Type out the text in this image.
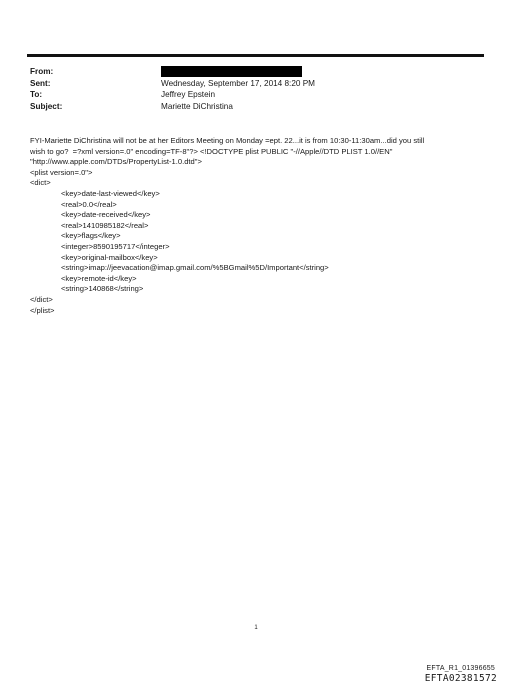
From:
Sent:	Wednesday, September 17, 2014 8:20 PM
To:	Jeffrey Epstein
Subject:	Mariette DiChristina

FYI-Mariette DiChristina will not be at her Editors Meeting on Monday =ept. 22...it is from 10:30-11:30am...did you still

wish to go?  =?xml version=.0" encoding=TF-8"?> <!DOCTYPE plist PUBLIC "-//Apple//DTD PLIST 1.0//EN"

"http://www.apple.com/DTDs/PropertyList-1.0.dtd">

<plist version=.0">

<dict>

<key>date-last-viewed</key>

<real>0.0</real>

<key>date-received</key>

<real>1410985182</real>

<key>flags</key>

<integer>8590195717</integer>

<key>original-mailbox</key>

<string>imap://jeevacation@imap.gmail.com/%5BGmail%5D/Important</string>

<key>remote-id</key>

<string>140868</string>

</dict>

</plist>

1
EFTA_R1_01396655
EFTA02381572
